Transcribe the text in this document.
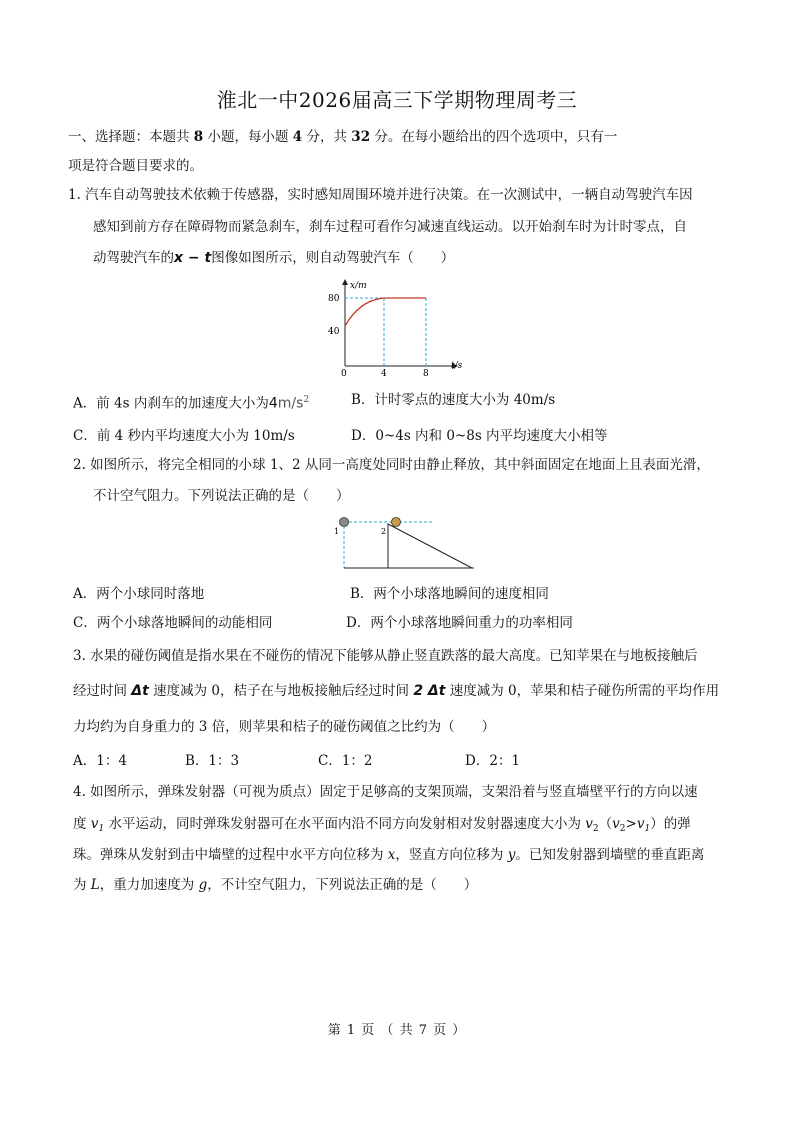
淮北一中2026届高三下学期物理周考三
一、选择题：本题共 8 小题，每小题 4 分，共 32 分。在每小题给出的四个选项中，只有一
项是符合题目要求的。
1. 汽车自动驾驶技术依赖于传感器，实时感知周围环境并进行决策。在一次测试中，一辆自动驾驶汽车因
感知到前方存在障碍物而紧急刹车，刹车过程可看作匀减速直线运动。以开始刹车时为计时零点，自
动驾驶汽车的x − t图像如图所示，则自动驾驶汽车（　　）
x/m
80
40
0	4	8
t/s
A．前 4s 内刹车的加速度大小为$4m/s^2$	B．计时零点的速度大小为 40m/s
C．前 4 秒内平均速度大小为 10m/s	D．0~4s 内和 0~8s 内平均速度大小相等
2. 如图所示，将完全相同的小球 1、2 从同一高度处同时由静止释放，其中斜面固定在地面上且表面光滑，
不计空气阻力。下列说法正确的是（　　）
1	2
A．两个小球同时落地	B．两个小球落地瞬间的速度相同
C．两个小球落地瞬间的动能相同	D．两个小球落地瞬间重力的功率相同
3. 水果的碰伤阈值是指水果在不碰伤的情况下能够从静止竖直跌落的最大高度。已知苹果在与地板接触后
经过时间 Δt 速度减为 0，桔子在与地板接触后经过时间 2 Δt 速度减为 0，苹果和桔子碰伤所需的平均作用
力均约为自身重力的 3 倍，则苹果和桔子的碰伤阈值之比约为（　　）
A．1：4	B．1：3	C．1：2	D．2：1
4. 如图所示，弹珠发射器（可视为质点）固定于足够高的支架顶端，支架沿着与竖直墙壁平行的方向以速
度 $v_1$ 水平运动，同时弹珠发射器可在水平面内沿不同方向发射相对发射器速度大小为 $v_2(v_2>v_1)$的弹
珠。弹珠从发射到击中墙壁的过程中水平方向位移为 x，竖直方向位移为 y。已知发射器到墙壁的垂直距离
为 L，重力加速度为 g，不计空气阻力，下列说法正确的是（　　）
第 1 页 （ 共 7 页 ）
